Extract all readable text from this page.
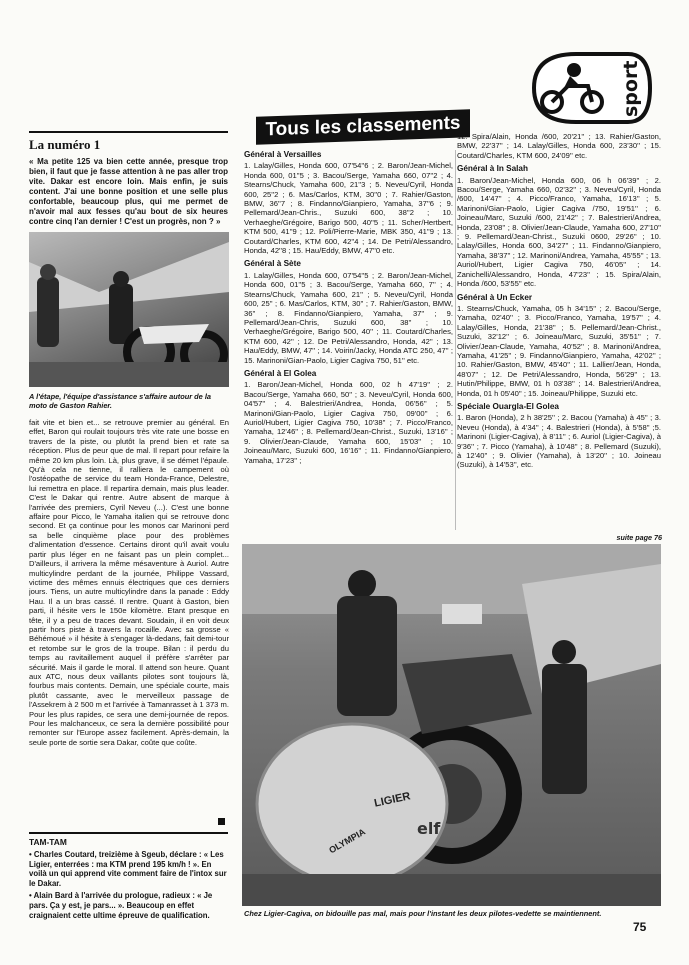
sport
Tous les classements
La numéro 1
« Ma petite 125 va bien cette année, presque trop bien, il faut que je fasse attention à ne pas aller trop vite. Dakar est encore loin. Mais enfin, je suis content. J'ai une bonne position et une selle plus confortable, beaucoup plus, qui me permet de n'avoir mal aux fesses qu'au bout de six heures contre cinq l'an dernier ! C'est un progrès, non ? »
A l'étape, l'équipe d'assistance s'affaire autour de la moto de Gaston Rahier.
fait vite et bien et... se retrouve premier au général. En effet, Baron qui roulait toujours très vite rate une bosse en travers de la piste, ou plutôt la prend bien et rate sa réception. Plus de peur que de mal. Il repart pour refaire la même 20 km plus loin. Là, plus grave, il se démet l'épaule. Qu'à cela ne tienne, il ralliera le campement où l'ostéopathe de service du team Honda-France, Delestre, lui remettra en place. Il repartira demain, mais plus leader. C'est le Dakar qui rentre. Autre absent de marque à l'arrivée des premiers, Cyril Neveu (...). C'est une bonne affaire pour Picco, le Yamaha italien qui se retrouve donc second. Et ça continue pour les monos car Marinoni perd sa belle cinquième place pour des problèmes d'alimentation d'essence. Certains diront qu'il avait voulu partir plus léger en ne faisant pas un plein complet... D'ailleurs, il arrivera la même mésaventure à Auriol. Autre multicylindre perdant de la journée, Philippe Vassard, victime des mêmes ennuis électriques que ces derniers jours. Tiens, un autre multicylindre dans la panade : Eddy Hau. Il a un bras cassé. Il rentre. Quant à Gaston, bien parti, il hésite vers le 150e kilomètre. Etant presque en tête, il y a peu de traces devant. Soudain, il en voit deux partir hors piste à travers la rocaille. Avec sa grosse « Béhémoué » il hésite à s'engager là-dedans, fait demi-tour et retombe sur le gros de la troupe. Bilan : il perdu du temps au ravitaillement auquel il préfère s'arrêter par sécurité. Mais il garde le moral. Il attend son heure. Quant aux ATC, nous deux vaillants pilotes sont toujours là, fourbus mais contents. Demain, une spéciale courte, mais plutôt cassante, avec le merveilleux passage de l'Assekrem à 2 500 m et l'arrivée à Tamanrasset à 1 373 m. Pour les plus rapides, ce sera une demi-journée de repos. Pour les malchanceux, ce sera la dernière possibilité pour remonter sur l'Europe assez facilement. Après-demain, la seule porte de sortie sera Dakar, coûte que coûte.
TAM-TAM
• Charles Coutard, treizième à Sgeub, déclare : « Les Ligier, enterrées : ma KTM prend 195 km/h ! ». En voilà un qui apprend vite comment faire de l'intox sur le Dakar.
• Alain Bard à l'arrivée du prologue, radieux : « Je pars. Ça y est, je pars... ». Beaucoup en effet craignaient cette ultime épreuve de qualification.
Général à Versailles

1. Lalay/Gilles, Honda 600, 07'54''6 ; 2. Baron/Jean-Michel, Honda 600, 01''5 ; 3. Bacou/Serge, Yamaha 660, 07''2 ; 4. Stearns/Chuck, Yamaha 600, 21''3 ; 5. Neveu/Cyril, Honda 600, 25''2 ; 6. Mas/Carlos, KTM, 30''0 ; 7. Rahier/Gaston, BMW, 36''7 ; 8. Findanno/Gianpiero, Yamaha, 37''6 ; 9. Pellemard/Jean-Chris., Suzuki 600, 38''2 ; 10. Verhaeghe/Grégoire, Barigo 500, 40''5 ; 11. Scher/Hertbert, KTM 500, 41''9 ; 12. Poli/Pierre-Marie, MBK 350, 41''9 ; 13. Coutard/Charles, KTM 600, 42''4 ; 14. De Petri/Alessandro, Honda, 42''8 ; 15. Hau/Eddy, BMW, 47''0 etc.

Général à Sète

1. Lalay/Gilles, Honda 600, 07'54''5 ; 2. Baron/Jean-Michel, Honda 600, 01''5 ; 3. Bacou/Serge, Yamaha 660, 7'' ; 4. Stearns/Chuck, Yamaha 600, 21'' ; 5. Neveu/Cyril, Honda 600, 25'' ; 6. Mas/Carlos, KTM, 30'' ; 7. Rahier/Gaston, BMW, 36'' ; 8. Findanno/Gianpiero, Yamaha, 37'' ; 9. Pellemard/Jean-Chris, Suzuki 600, 38'' ; 10. Verhaeghe/Grégoire, Barigo 500, 40'' ; 11. Coutard/Charles, KTM 600, 42'' ; 12. De Petri/Alessandro, Honda, 42'' ; 13. Hau/Eddy, BMW, 47'' ; 14. Voirin/Jacky, Honda ATC 250, 47'' ; 15. Marinoni/Gian-Paolo, Ligier Cagiva 750, 51'' etc.

Général à El Golea

1. Baron/Jean-Michel, Honda 600, 02 h 47'19'' ; 2. Bacou/Serge, Yamaha 660, 50'' ; 3. Neveu/Cyril, Honda 600, 04'57'' ; 4. Balestrieri/Andrea, Honda, 06'56'' ; 5. Marinoni/Gian-Paolo, Ligier Cagiva 750, 09'00'' ; 6. Auriol/Hubert, Ligier Cagiva 750, 10'38'' ; 7. Picco/Franco, Yamaha, 12'46'' ; 8. Pellemard/Jean-Christ., Suzuki, 13'16'' ; 9. Olivier/Jean-Claude, Yamaha 600, 15'03'' ; 10. Joineau/Marc, Suzuki 600, 16'16'' ; 11. Findanno/Gianpiero, Yamaha, 17'23'' ;

12. Spira/Alain, Honda /600, 20'21'' ; 13. Rahier/Gaston, BMW, 22'37'' ; 14. Lalay/Gilles, Honda 600, 23'30'' ; 15. Coutard/Charles, KTM 600, 24'09'' etc.

Général à In Salah

1. Baron/Jean-Michel, Honda 600, 06 h 06'39'' ; 2. Bacou/Serge, Yamaha 660, 02'32'' ; 3. Neveu/Cyril, Honda /600, 14'47'' ; 4. Picco/Franco, Yamaha, 16'13'' ; 5. Marinoni/Gian-Paolo, Ligier Cagiva /750, 19'51'' ; 6. Joineau/Marc, Suzuki /600, 21'42'' ; 7. Balestrieri/Andrea, Honda, 23'08'' ; 8. Olivier/Jean-Claude, Yamaha 600, 27'10'' ; 9. Pellemard/Jean-Christ., Suzuki 0600, 29'26'' ; 10. Lalay/Gilles, Honda 600, 34'27'' ; 11. Findanno/Gianpiero, Yamaha, 38'37'' ; 12. Marinoni/Andrea, Yamaha, 45'55'' ; 13. Auriol/Hubert, Ligier Cagiva 750, 46'05'' ; 14. Zanichelli/Alessandro, Honda, 47'23'' ; 15. Spira/Alain, Honda /600, 53'55'' etc.

Général à Un Ecker

1. Stearns/Chuck, Yamaha, 05 h 34'15'' ; 2. Bacou/Serge, Yamaha, 02'40'' ; 3. Picco/Franco, Yamaha, 19'57'' ; 4. Lalay/Gilles, Honda, 21'38'' ; 5. Pellemard/Jean-Christ., Suzuki, 32'12'' ; 6. Joineau/Marc, Suzuki, 35'51'' ; 7. Olivier/Jean-Claude, Yamaha, 40'52'' ; 8. Marinoni/Andrea, Yamaha, 41'25'' ; 9. Findanno/Gianpiero, Yamaha, 42'02'' ; 10. Rahier/Gaston, BMW, 45'40'' ; 11. Lallier/Jean, Honda, 48'07'' ; 12. De Petri/Alessandro, Honda, 56'29'' ; 13. Hutin/Philippe, BMW, 01 h 03'38'' ; 14. Balestrieri/Andrea, Honda, 01 h 05'40'' ; 15. Joineau/Philippe, Suzuki etc.

Spéciale Ouargla-El Golea

1. Baron (Honda), 2 h 38'25'' ; 2. Bacou (Yamaha) à 45'' ; 3. Neveu (Honda), à 4'34'' ; 4. Balestrieri (Honda), à 5'58'' ;5. Marinoni (Ligier-Cagiva), à 8'11'' ; 6. Auriol (Ligier-Cagiva), à 9'36'' ; 7. Picco (Yamaha), à 10'48'' ; 8. Pellemard (Suzuki), à 12'40'' ; 9. Olivier (Yamaha), à 13'20'' ; 10. Joineau (Suzuki), à 14'53'', etc.

suite page 76
LIGIER
OLYMPIA	elf
Chez Ligier-Cagiva, on bidouille pas mal, mais pour l'instant les deux pilotes-vedette se maintiennent.
75
